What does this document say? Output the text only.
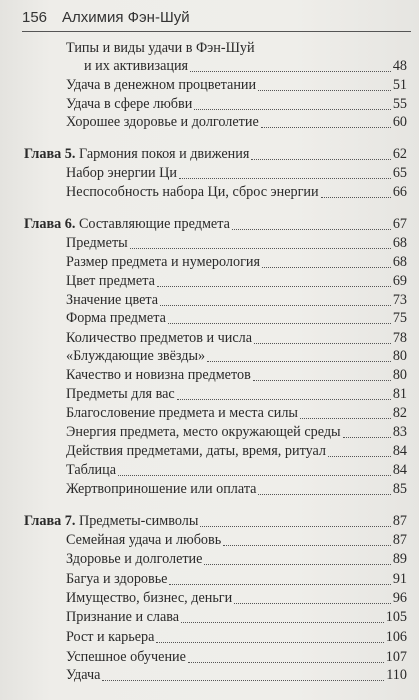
156 Алхимия Фэн-Шуй
Типы и виды удачи в Фэн-Шуй
и их активизация	48
Удача в денежном процветании	51
Удача в сфере любви	55
Хорошее здоровье и долголетие	60
Глава 5. Гармония покоя и движения	62
Набор энергии Ци	65
Неспособность набора Ци, сброс энергии	66
Глава 6. Составляющие предмета	67
Предметы	68
Размер предмета и нумерология	68
Цвет предмета	69
Значение цвета	73
Форма предмета	75
Количество предметов и числа	78
«Блуждающие звёзды»	80
Качество и новизна предметов	80
Предметы для вас	81
Благословение предмета и места силы	82
Энергия предмета, место окружающей среды	83
Действия предметами, даты, время, ритуал	84
Таблица	84
Жертвоприношение или оплата	85
Глава 7. Предметы-символы	87
Семейная удача и любовь	87
Здоровье и долголетие	89
Багуа и здоровье	91
Имущество, бизнес, деньги	96
Признание и слава	105
Рост и карьера	106
Успешное обучение	107
Удача	110
